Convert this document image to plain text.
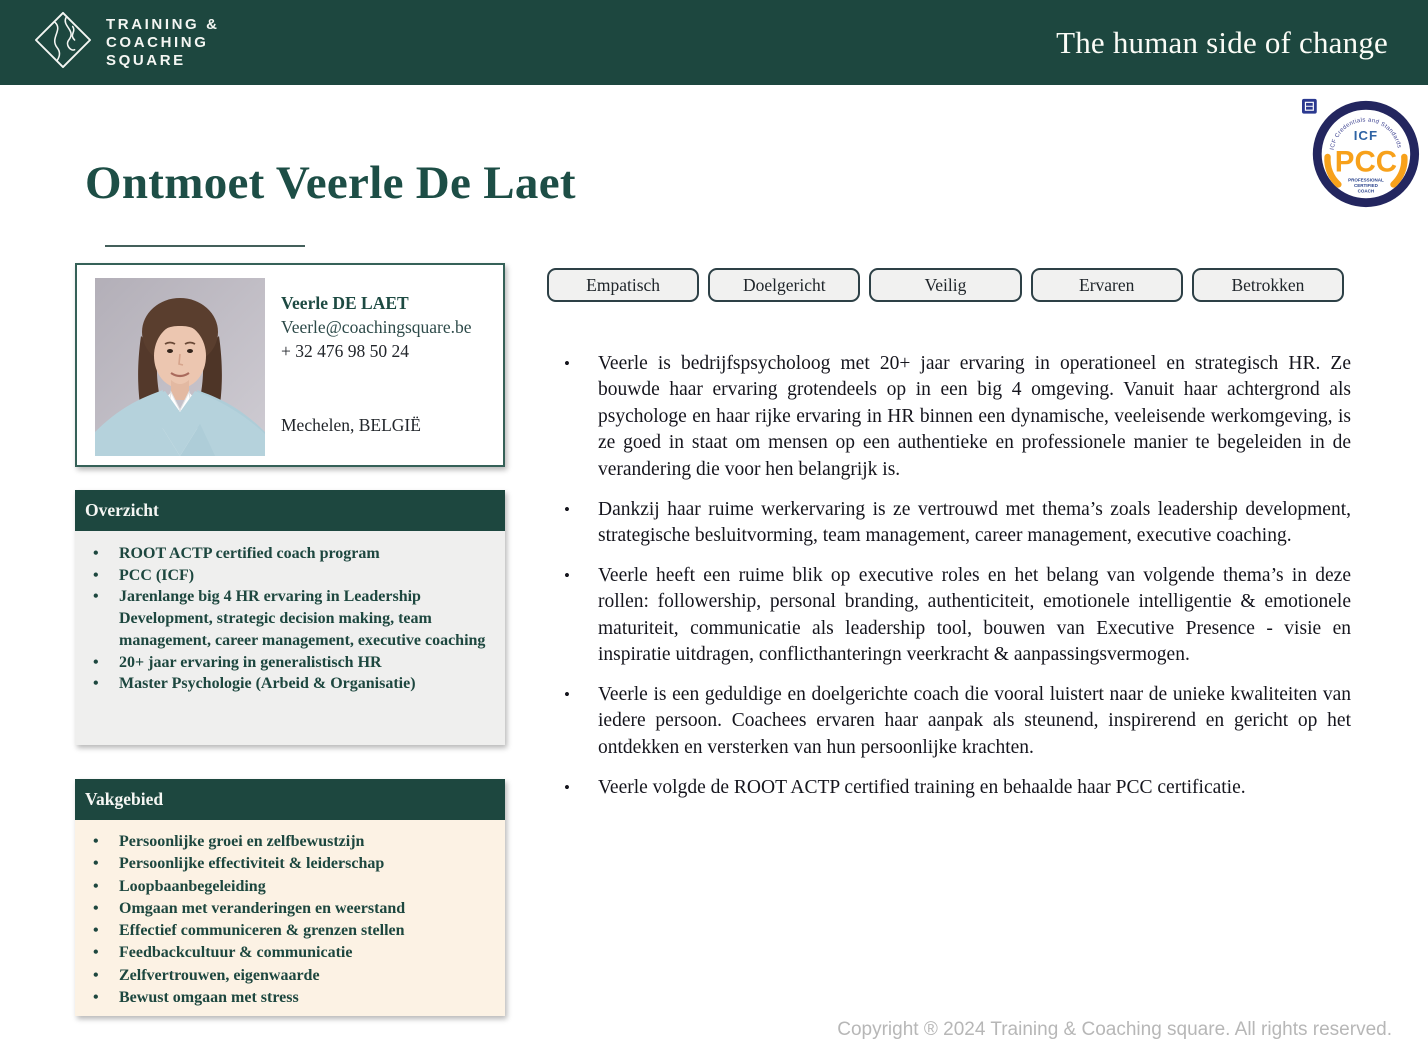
TRAINING &
COACHING
SQUARE
The human side of change
ICF Credentials and Standards
ICF
PCC
PROFESSIONAL
CERTIFIED
COACH
Ontmoet Veerle De Laet
Veerle DE LAET
Veerle@coachingsquare.be
+ 32 476 98 50 24
Mechelen, BELGIË
Overzicht
• ROOT ACTP certified coach program
• PCC (ICF)
• Jarenlange big 4 HR ervaring in Leadership Development, strategic decision making, team management, career management, executive coaching
• 20+ jaar ervaring in generalistisch HR
• Master Psychologie (Arbeid & Organisatie)
Vakgebied
• Persoonlijke groei en zelfbewustzijn
• Persoonlijke effectiviteit & leiderschap
• Loopbaanbegeleiding
• Omgaan met veranderingen en weerstand
• Effectief communiceren & grenzen stellen
• Feedbackcultuur & communicatie
• Zelfvertrouwen, eigenwaarde
• Bewust omgaan met stress
Empatisch	Doelgericht	Veilig	Ervaren	Betrokken
• Veerle is bedrijfspsycholoog met 20+ jaar ervaring in operationeel en strategisch HR. Ze bouwde haar ervaring grotendeels op in een big 4 omgeving. Vanuit haar achtergrond als psychologe en haar rijke ervaring in HR binnen een dynamische, veeleisende werkomgeving, is ze goed in staat om mensen op een authentieke en professionele manier te begeleiden in de verandering die voor hen belangrijk is.
• Dankzij haar ruime werkervaring is ze vertrouwd met thema’s zoals leadership development, strategische besluitvorming, team management, career management, executive coaching.
• Veerle heeft een ruime blik op executive roles en het belang van volgende thema’s in deze rollen: followership, personal branding, authenticiteit, emotionele intelligentie & emotionele maturiteit, communicatie als leadership tool, bouwen van Executive Presence - visie en inspiratie uitdragen, conflicthanteringn veerkracht & aanpassingsvermogen.
• Veerle is een geduldige en doelgerichte coach die vooral luistert naar de unieke kwaliteiten van iedere persoon. Coachees ervaren haar aanpak als steunend, inspirerend en gericht op het ontdekken en versterken van hun persoonlijke krachten.
• Veerle volgde de ROOT ACTP certified training en behaalde haar PCC certificatie.
Copyright ® 2024 Training & Coaching square. All rights reserved.
